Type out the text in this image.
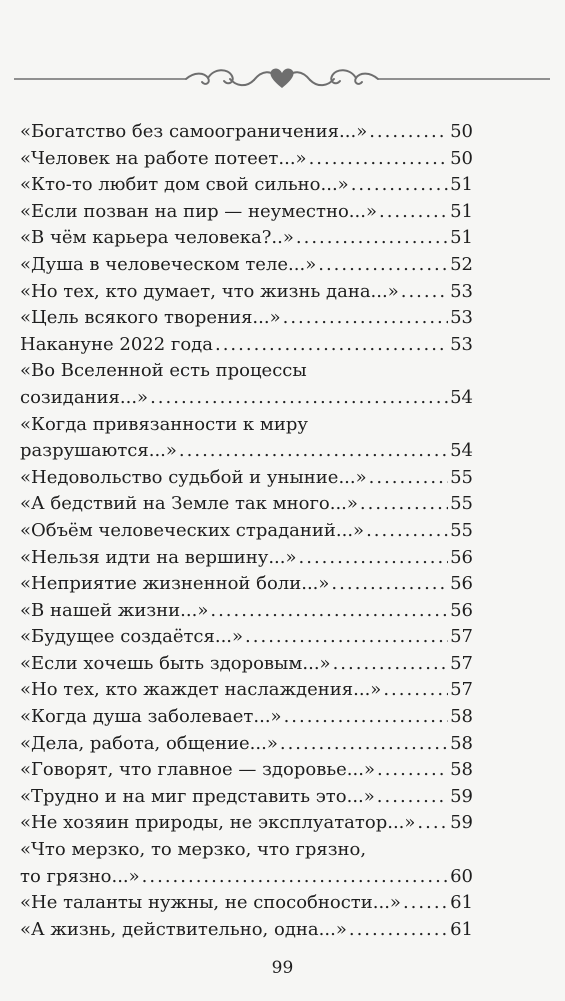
«Богатство без самоограничения...» .....	50
«Человек на работе потеет...» .....	50
«Кто-то любит дом свой сильно...» .....	51
«Если позван на пир — неуместно...» .....	51
«В чём карьера человека?..» .....	51
«Душа в человеческом теле...» .....	52
«Но тех, кто думает, что жизнь дана...» .....	53
«Цель всякого творения...» .....	53
Накануне 2022 года .....	53
«Во Вселенной есть процессы
созидания...» .....	54
«Когда привязанности к миру
разрушаются...» .....	54
«Недовольство судьбой и уныние...» .....	55
«А бедствий на Земле так много...» .....	55
«Объём человеческих страданий...» .....	55
«Нельзя идти на вершину...» .....	56
«Неприятие жизненной боли...» .....	56
«В нашей жизни...» .....	56
«Будущее создаётся...» .....	57
«Если хочешь быть здоровым...» .....	57
«Но тех, кто жаждет наслаждения...» .....	57
«Когда душа заболевает...» .....	58
«Дела, работа, общение...» .....	58
«Говорят, что главное — здоровье...» .....	58
«Трудно и на миг представить это...» .....	59
«Не хозяин природы, не эксплуататор...» ..... 59
«Что мерзко, то мерзко, что грязно,
то грязно...» .....	60
«Не таланты нужны, не способности...» .....	61
«А жизнь, действительно, одна...» .....	61
99
